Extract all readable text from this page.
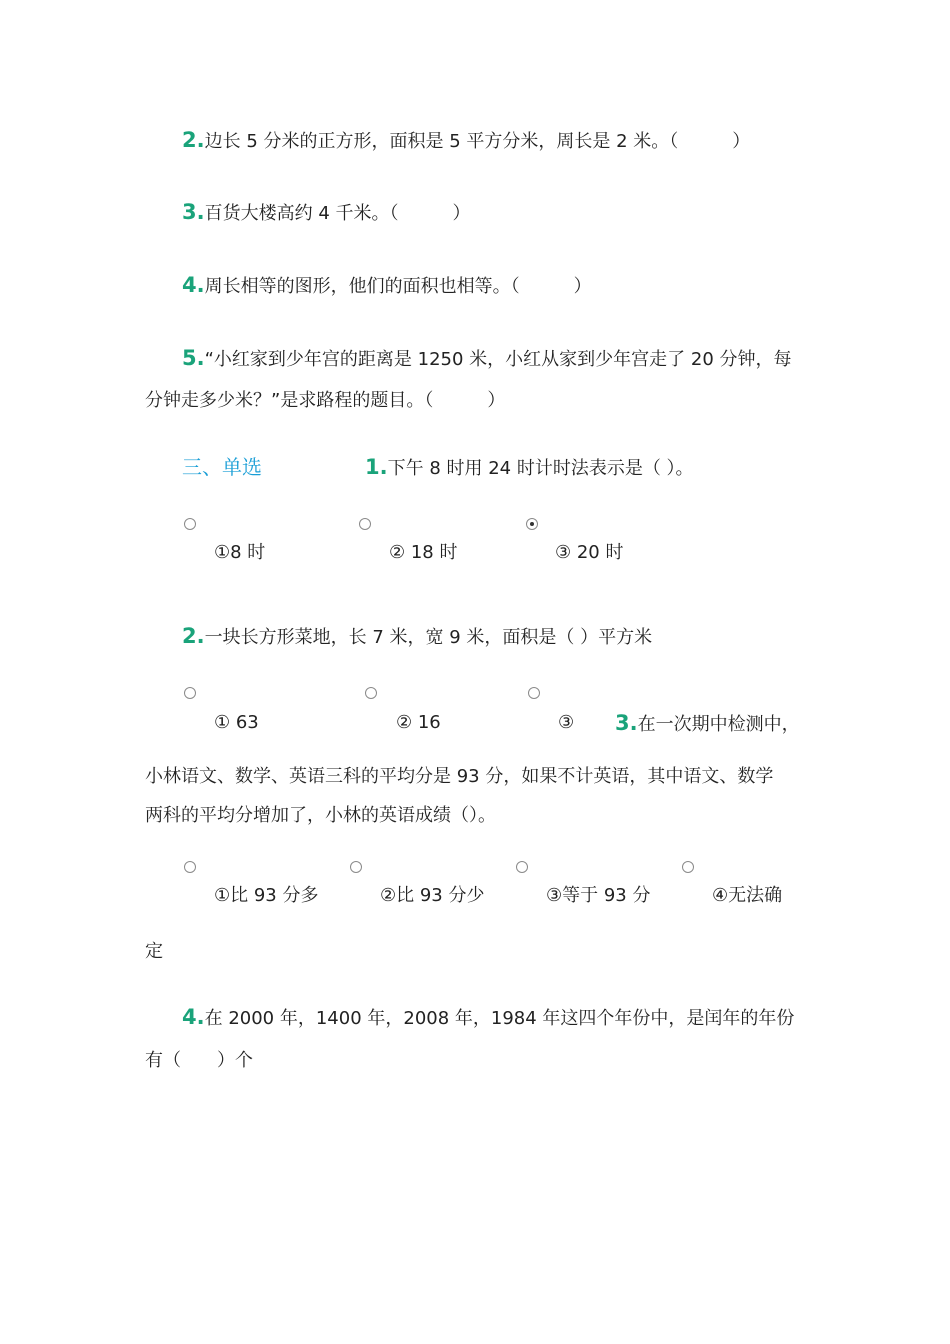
2.边长 5 分米的正方形，面积是 5 平方分米，周长是 2 米。（　　　）
3.百货大楼高约 4 千米。（　　　）
4.周长相等的图形，他们的面积也相等。（　　　）
5.“小红家到少年宫的距离是 1250 米，小红从家到少年宫走了 20 分钟，每
分钟走多少米？”是求路程的题目。（　　　）
三、单选	1.下午 8 时用 24 时计时法表示是（ ）。
①8 时	② 18 时	③ 20 时
2.一块长方形菜地，长 7 米，宽 9 米，面积是（ ）平方米
① 63	② 16	③ 3.在一次期中检测中，
小林语文、数学、英语三科的平均分是 93 分，如果不计英语，其中语文、数学
两科的平均分增加了，小林的英语成绩（）。
①比 93 分多	②比 93 分少	③等于 93 分	④无法确
定
4.在 2000 年，1400 年，2008 年，1984 年这四个年份中，是闰年的年份
有（　　）个
